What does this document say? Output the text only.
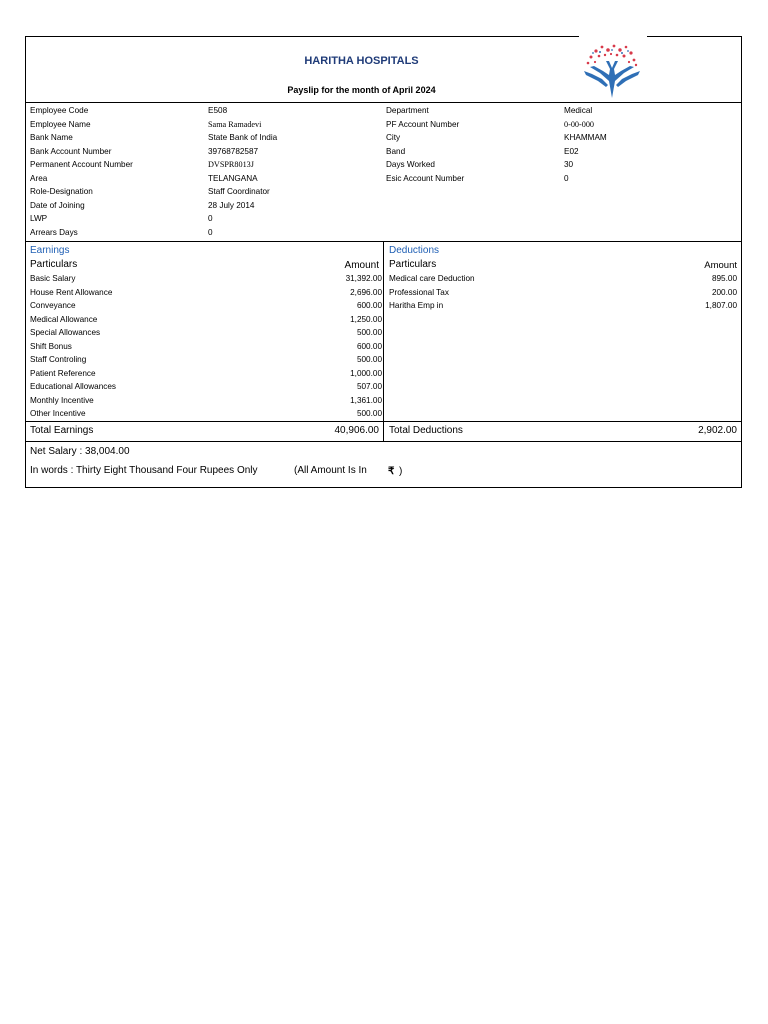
HARITHA HOSPITALS
Payslip for the month of April 2024
Employee Code	E508	Department	Medical
Employee Name	Sama Ramadevi	PF Account Number	0-00-000
Bank Name	State Bank of India	City	KHAMMAM
Bank Account Number	39768782587	Band	E02
Permanent Account Number	DVSPR8013J	Days Worked	30
Area	TELANGANA	Esic Account Number	0
Role-Designation	Staff Coordinator
Date of Joining	28 July 2014
LWP	0
Arrears Days	0
Earnings
Particulars	Amount
Deductions
Particulars	Amount
Basic Salary	31,392.00
House Rent Allowance	2,696.00
Conveyance	600.00
Medical Allowance	1,250.00
Special Allowances	500.00
Shift Bonus	600.00
Staff Controling	500.00
Patient Reference	1,000.00
Educational Allowances	507.00
Monthly Incentive	1,361.00
Other Incentive	500.00
Medical care Deduction	895.00
Professional Tax	200.00
Haritha Emp in	1,807.00
Total Earnings	40,906.00 Total Deductions	2,902.00
Net Salary : 38,004.00
In words : Thirty Eight Thousand Four Rupees Only	(All Amount Is In ₹ )
